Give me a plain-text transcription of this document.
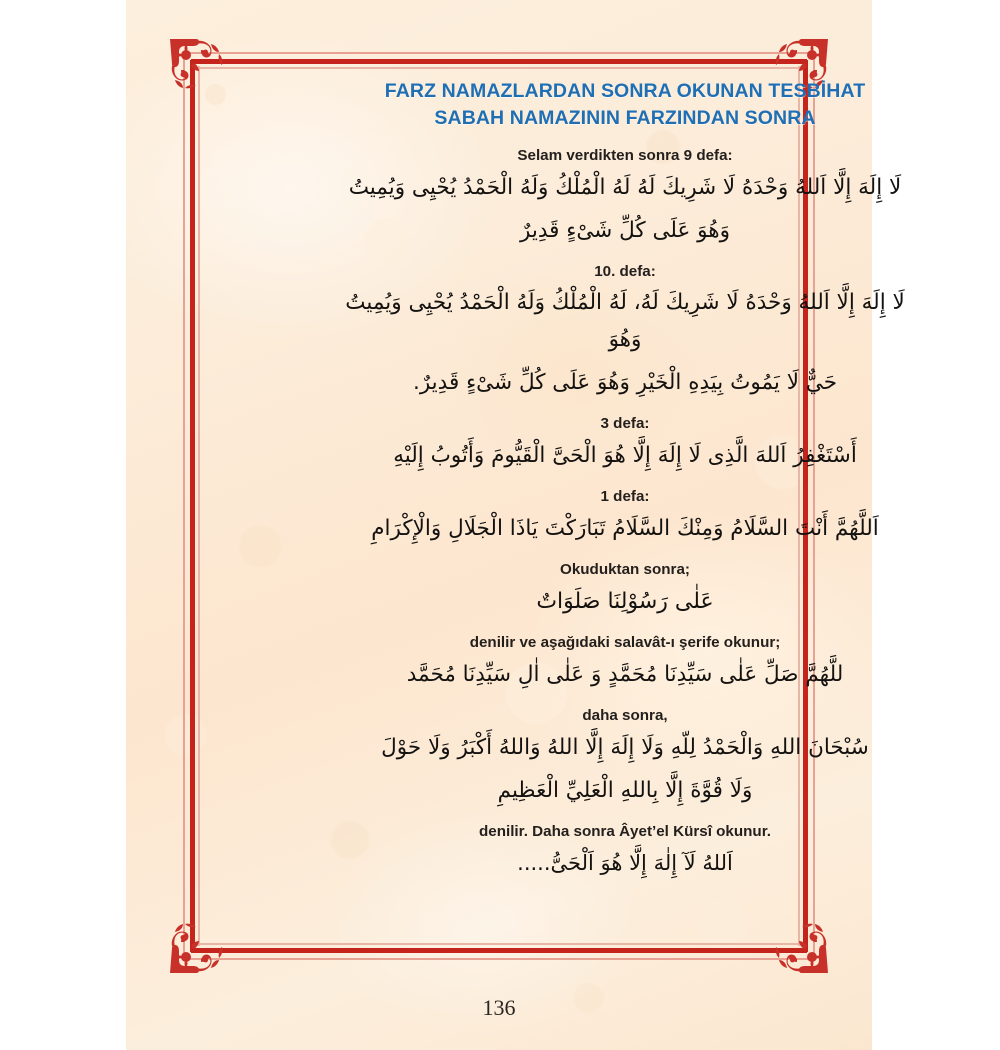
FARZ NAMAZLARDAN SONRA OKUNAN TESBİHAT
SABAH NAMAZININ FARZINDAN SONRA
Selam verdikten sonra 9 defa:
لَا إِلَهَ إِلَّا اَللهُ وَحْدَهُ لَا شَرِيكَ لَهُ لَهُ الْمُلْكُ وَلَهُ الْحَمْدُ يُحْيِى وَيُمِيتُ
وَهُوَ عَلَى كُلِّ شَىْءٍ قَدِيرٌ
10. defa:
لَا إِلَهَ إِلَّا اَللهُ وَحْدَهُ لَا شَرِيكَ لَهُ، لَهُ الْمُلْكُ وَلَهُ الْحَمْدُ يُحْيِى وَيُمِيتُ وَهُوَ
حَيٌّ لَا يَمُوتُ بِيَدِهِ الْخَيْرِ وَهُوَ عَلَى كُلِّ شَىْءٍ قَدِيرٌ.
3 defa:
أَسْتَغْفِرُ اَللهَ الَّذِى لَا إِلَهَ إِلَّا هُوَ الْحَىَّ الْقَيُّومَ وَأَتُوبُ إِلَيْهِ
1 defa:
اَللَّهُمَّ أَنْتَ السَّلَامُ وَمِنْكَ السَّلَامُ تَبَارَكْتَ يَاذَا الْجَلَالِ وَالْإِكْرَامِ
Okuduktan sonra;
عَلٰى رَسُوْلِنَا صَلَوَاتٌ
denilir ve aşağıdaki salavât-ı şerife okunur;
للَّهُمَّ صَلِّ عَلٰى سَيِّدِنَا مُحَمَّدٍ وَ عَلٰى اٰلِ سَيِّدِنَا مُحَمَّد
daha sonra,
سُبْحَانَ اللهِ وَالْحَمْدُ لِلّهِ وَلَا إِلَهَ إِلَّا اللهُ وَاللهُ أَكْبَرُ وَلَا حَوْلَ
وَلَا قُوَّةَ إِلَّا بِاللهِ الْعَلِيِّ الْعَظِيمِ
denilir. Daha sonra Âyet’el Kürsî okunur.
اَللهُ لَآ إِلٰهَ إِلَّا هُوَ اَلْحَىُّ.....
136
